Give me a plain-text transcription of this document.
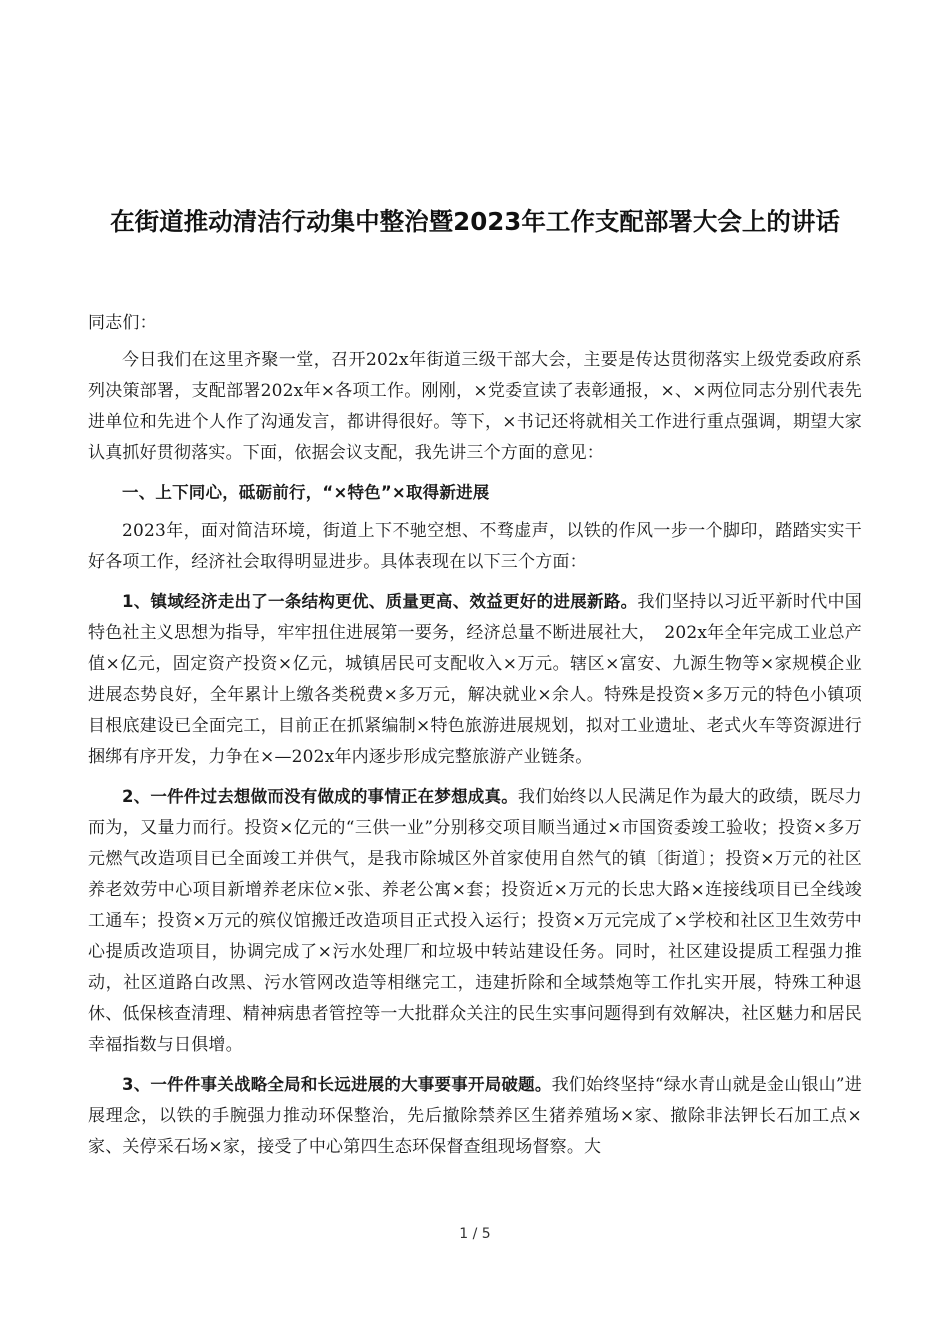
在街道推动清洁行动集中整治暨2023年工作支配部署大会上的讲话

同志们：

今日我们在这里齐聚一堂，召开202x年街道三级干部大会，主要是传达贯彻落实上级党委政府系列决策部署，支配部署202x年×各项工作。刚刚，×党委宣读了表彰通报，×、×两位同志分别代表先进单位和先进个人作了沟通发言，都讲得很好。等下，×书记还将就相关工作进行重点强调，期望大家认真抓好贯彻落实。下面，依据会议支配，我先讲三个方面的意见：

一、上下同心，砥砺前行，“×特色”×取得新进展

2023年，面对简洁环境，街道上下不驰空想、不骛虚声，以铁的作风一步一个脚印，踏踏实实干好各项工作，经济社会取得明显进步。具体表现在以下三个方面：

1、镇域经济走出了一条结构更优、质量更高、效益更好的进展新路。我们坚持以习近平新时代中国特色社主义思想为指导，牢牢扭住进展第一要务，经济总量不断进展社大，　202x年全年完成工业总产值×亿元，固定资产投资×亿元，城镇居民可支配收入×万元。辖区×富安、九源生物等×家规模企业进展态势良好，全年累计上缴各类税费×多万元，解决就业×余人。特殊是投资×多万元的特色小镇项目根底建设已全面完工，目前正在抓紧编制×特色旅游进展规划，拟对工业遗址、老式火车等资源进行捆绑有序开发，力争在×—202x年内逐步形成完整旅游产业链条。

2、一件件过去想做而没有做成的事情正在梦想成真。我们始终以人民满足作为最大的政绩，既尽力而为，又量力而行。投资×亿元的“三供一业”分别移交项目顺当通过×市国资委竣工验收；投资×多万元燃气改造项目已全面竣工并供气，是我市除城区外首家使用自然气的镇〔街道〕；投资×万元的社区养老效劳中心项目新增养老床位×张、养老公寓×套；投资近×万元的长忠大路×连接线项目已全线竣工通车；投资×万元的殡仪馆搬迁改造项目正式投入运行；投资×万元完成了×学校和社区卫生效劳中心提质改造项目，协调完成了×污水处理厂和垃圾中转站建设任务。同时，社区建设提质工程强力推动，社区道路白改黑、污水管网改造等相继完工，违建折除和全域禁炮等工作扎实开展，特殊工种退休、低保核查清理、精神病患者管控等一大批群众关注的民生实事问题得到有效解决，社区魅力和居民幸福指数与日俱增。

3、一件件事关战略全局和长远进展的大事要事开局破题。我们始终坚持“绿水青山就是金山银山”进展理念，以铁的手腕强力推动环保整治，先后撤除禁养区生猪养殖场×家、撤除非法钾长石加工点×家、关停采石场×家，接受了中心第四生态环保督查组现场督察。大

1 / 5
